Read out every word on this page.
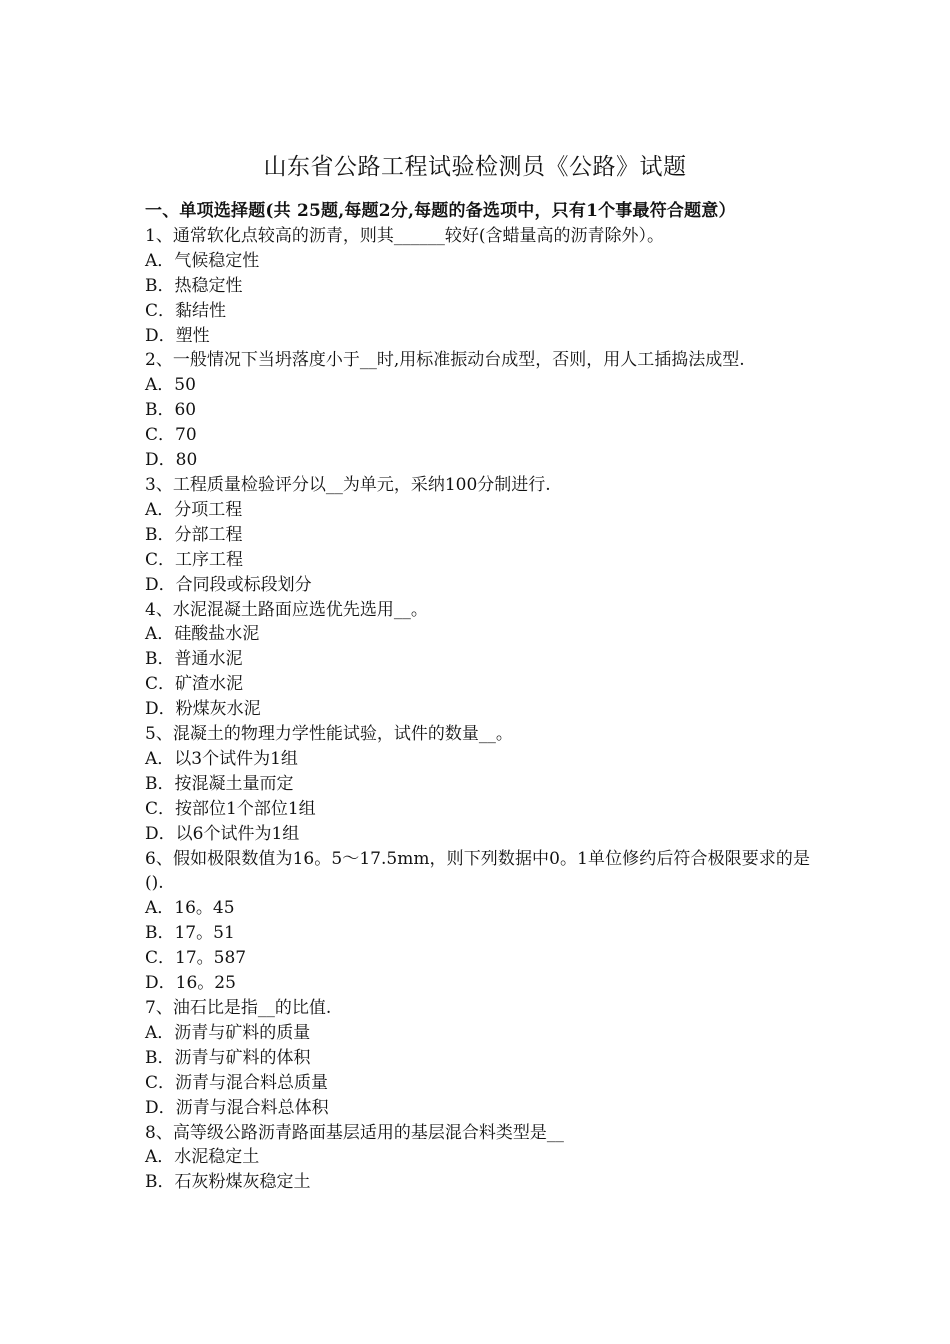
山东省公路工程试验检测员《公路》试题
一、单项选择题(共 25题,每题2分,每题的备选项中，只有1个事最符合题意）
1、通常软化点较高的沥青，则其______较好(含蜡量高的沥青除外）。
A．气候稳定性
B．热稳定性
C．黏结性
D．塑性
2、一般情况下当坍落度小于__时,用标准振动台成型，否则，用人工插捣法成型.
A．50
B．60
C．70
D．80
3、工程质量检验评分以__为单元，采纳100分制进行.
A．分项工程
B．分部工程
C．工序工程
D．合同段或标段划分
4、水泥混凝土路面应选优先选用__。
A．硅酸盐水泥
B．普通水泥
C．矿渣水泥
D．粉煤灰水泥
5、混凝土的物理力学性能试验，试件的数量__。
A．以3个试件为1组
B．按混凝土量而定
C．按部位1个部位1组
D．以6个试件为1组
6、假如极限数值为16。5～17.5mm，则下列数据中0。1单位修约后符合极限要求的是().
A．16。45
B．17。51
C．17。587
D．16。25
7、油石比是指__的比值.
A．沥青与矿料的质量
B．沥青与矿料的体积
C．沥青与混合料总质量
D．沥青与混合料总体积
8、高等级公路沥青路面基层适用的基层混合料类型是__
A．水泥稳定土
B．石灰粉煤灰稳定土
